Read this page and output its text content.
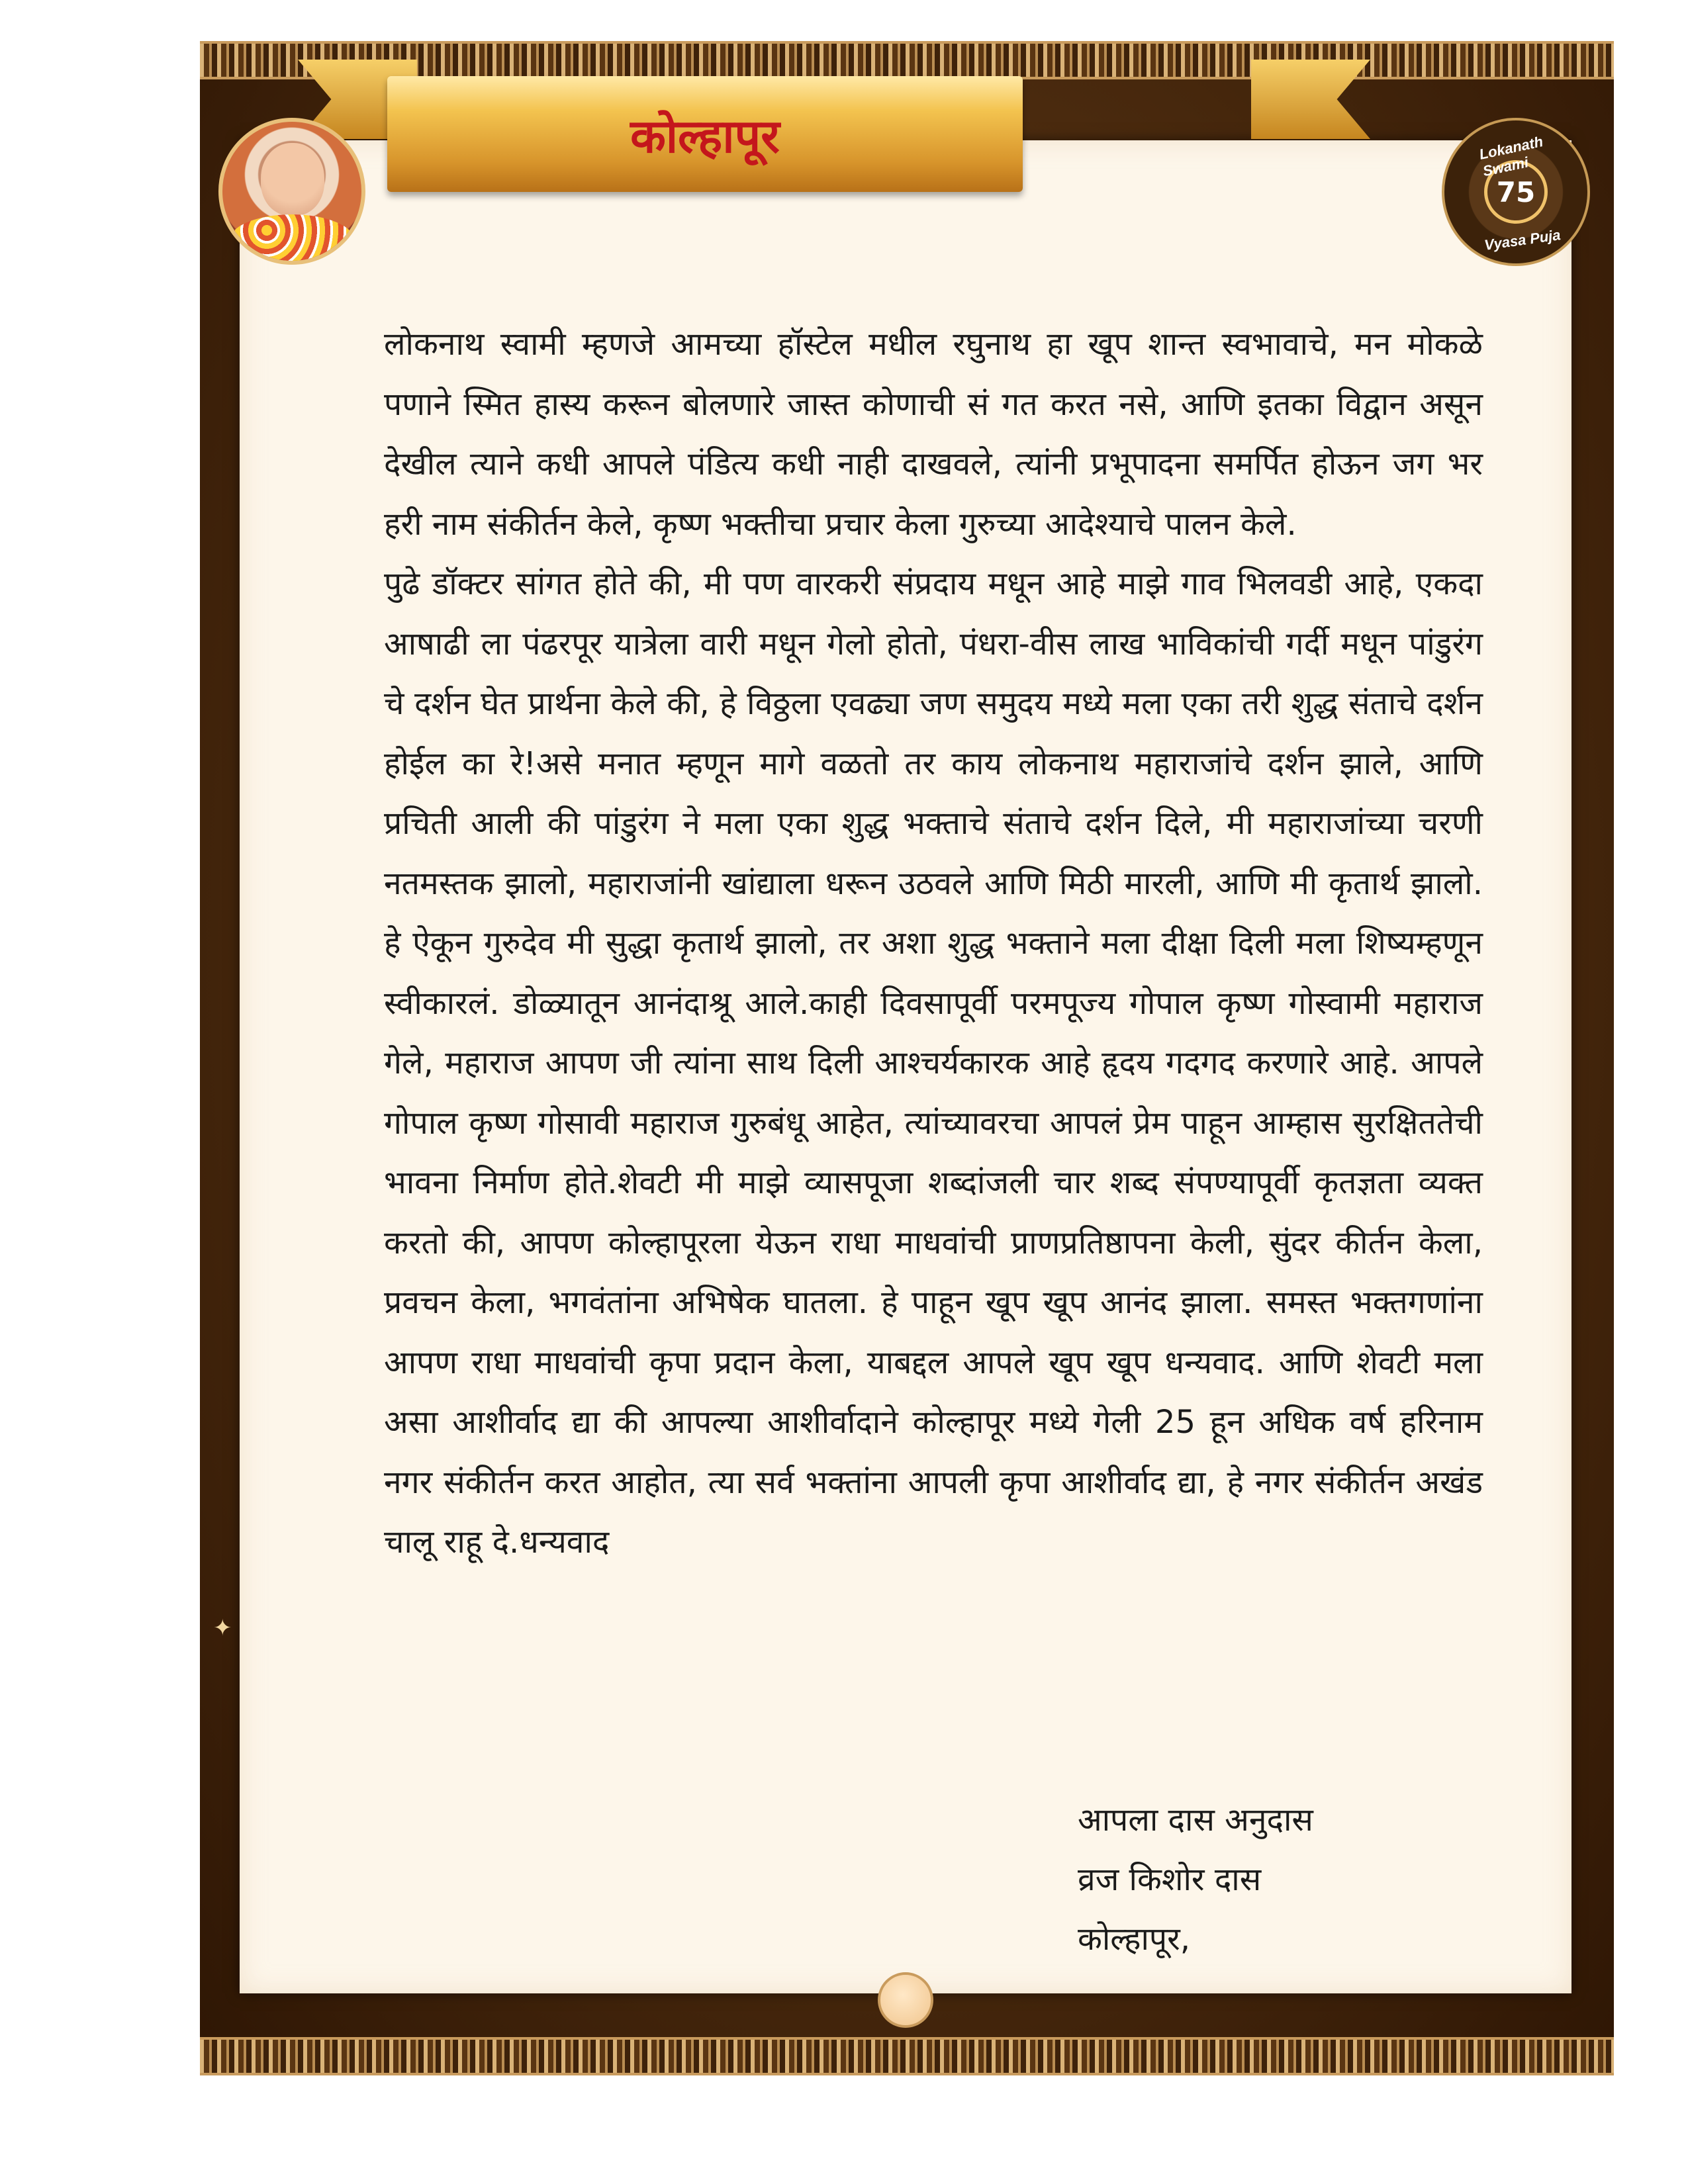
कोल्हापूर	Lokanath Swami
75
Vyasa Puja

लोकनाथ स्वामी म्हणजे आमच्या हॉस्टेल मधील रघुनाथ हा खूप शान्त स्वभावाचे, मन मोकळे पणाने स्मित हास्य करून बोलणारे जास्त कोणाची सं गत करत नसे, आणि इतका विद्वान असून देखील त्याने कधी आपले पंडित्य कधी नाही दाखवले, त्यांनी प्रभूपादना समर्पित होऊन जग भर हरी नाम संकीर्तन केले, कृष्ण भक्तीचा प्रचार केला गुरुच्या आदेश्याचे पालन केले.

पुढे डॉक्टर सांगत होते की, मी पण वारकरी संप्रदाय मधून आहे माझे गाव भिलवडी आहे, एकदा आषाढी ला पंढरपूर यात्रेला वारी मधून गेलो होतो, पंधरा-वीस लाख भाविकांची गर्दी मधून पांडुरंग चे दर्शन घेत प्रार्थना केले की, हे विठ्ठला एवढ्या जण समुदय मध्ये मला एका तरी शुद्ध संताचे दर्शन होईल का रे!असे मनात म्हणून मागे वळतो तर काय लोकनाथ महाराजांचे दर्शन झाले, आणि प्रचिती आली की पांडुरंग ने मला एका शुद्ध भक्ताचे संताचे दर्शन दिले, मी महाराजांच्या चरणी नतमस्तक झालो, महाराजांनी खांद्याला धरून उठवले आणि मिठी मारली, आणि मी कृतार्थ झालो. हे ऐकून गुरुदेव मी सुद्धा कृतार्थ झालो, तर अशा शुद्ध भक्ताने मला दीक्षा दिली मला शिष्यम्हणून स्वीकारलं. डोळ्यातून आनंदाश्रू आले.काही दिवसापूर्वी परमपूज्य गोपाल कृष्ण गोस्वामी महाराज गेले, महाराज आपण जी त्यांना साथ दिली आश्चर्यकारक आहे हृदय गदगद करणारे आहे. आपले गोपाल कृष्ण गोसावी महाराज गुरुबंधू आहेत, त्यांच्यावरचा आपलं प्रेम पाहून आम्हास सुरक्षिततेची भावना निर्माण होते.शेवटी मी माझे व्यासपूजा शब्दांजली चार शब्द संपण्यापूर्वी कृतज्ञता व्यक्त करतो की, आपण कोल्हापूरला येऊन राधा माधवांची प्राणप्रतिष्ठापना केली, सुंदर कीर्तन केला, प्रवचन केला, भगवंतांना अभिषेक घातला. हे पाहून खूप खूप आनंद झाला. समस्त भक्तगणांना आपण राधा माधवांची कृपा प्रदान केला, याबद्दल आपले खूप खूप धन्यवाद. आणि शेवटी मला असा आशीर्वाद द्या की आपल्या आशीर्वादाने कोल्हापूर मध्ये गेली 25 हून अधिक वर्ष हरिनाम नगर संकीर्तन करत आहोत, त्या सर्व भक्तांना आपली कृपा आशीर्वाद द्या, हे नगर संकीर्तन अखंड चालू राहू दे.धन्यवाद

आपला दास अनुदास
व्रज किशोर दास
कोल्हापूर,
✦
